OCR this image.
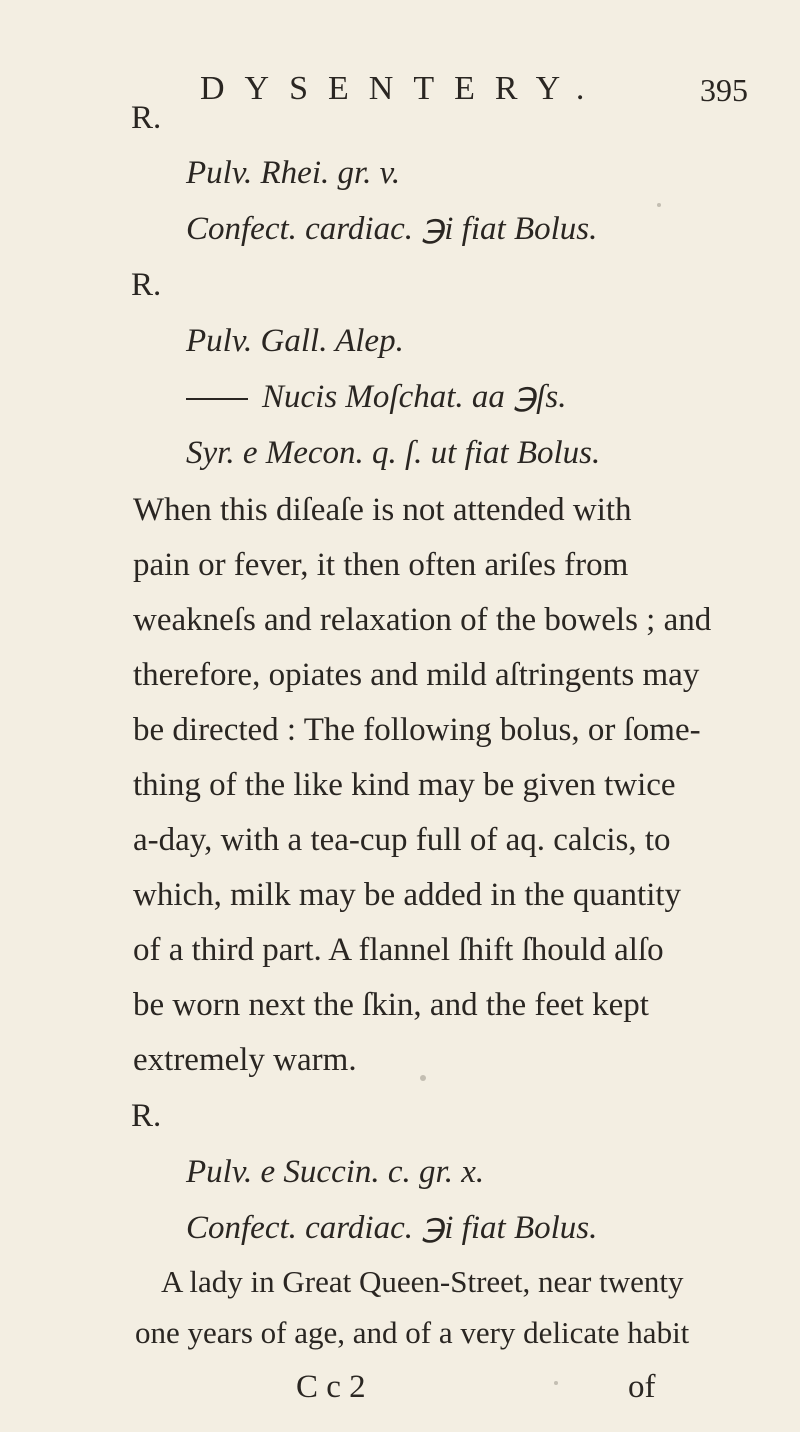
DYSENTERY.	395
R.
Pulv. Rhei. gr. v.
Confect. cardiac. ℈i fiat Bolus.
R.
Pulv. Gall. Alep.
Nucis Moſchat. aa ℈ſs.
Syr. e Mecon. q. ſ. ut fiat Bolus.
When this diſeaſe is not attended with
pain or fever, it then often ariſes from
weakneſs and relaxation of the bowels ; and
therefore, opiates and mild aſtringents may
be directed : The following bolus, or ſome-
thing of the like kind may be given twice
a-day, with a tea-cup full of aq. calcis, to
which, milk may be added in the quantity
of a third part. A flannel ſhift ſhould alſo
be worn next the ſkin, and the feet kept
extremely warm.
R.
Pulv. e Succin. c. gr. x.
Confect. cardiac. ℈i fiat Bolus.
A lady in Great Queen-Street, near twenty
one years of age, and of a very delicate habit
C c 2	of
